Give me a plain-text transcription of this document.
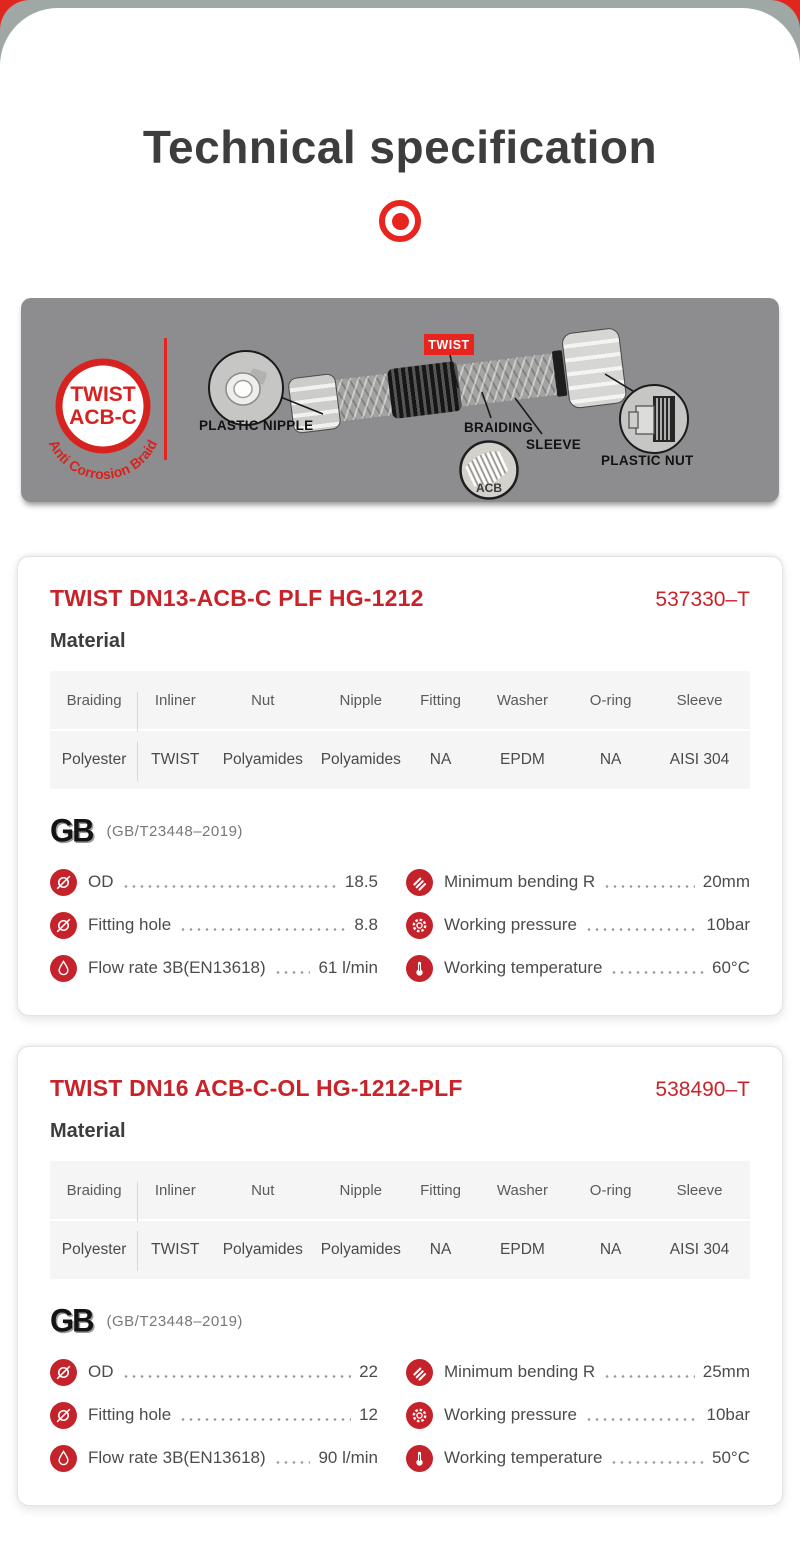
Technical specification
TWIST
ACB-C
Anti Corrosion Braid
TWIST
ACB
PLASTIC NIPPLE	BRAIDING
SLEEVE
PLASTIC NUT
TWIST DN13-ACB-C PLF HG-1212	537330–T
Material
Braiding	Inliner	Nut	Nipple	Fitting	Washer	O-ring	Sleeve
Polyester	TWIST	Polyamides	Polyamides	NA	EPDM	NA	AISI 304
GB (GB/T23448–2019)
OD	18.5
Fitting hole	8.8
Flow rate 3B(EN13618)	61 l/min
Minimum bending R	20mm
Working pressure	10bar
Working temperature	60°C
TWIST DN16 ACB-C-OL HG-1212-PLF	538490–T
Material
Braiding	Inliner	Nut	Nipple	Fitting	Washer	O-ring	Sleeve
Polyester	TWIST	Polyamides	Polyamides	NA	EPDM	NA	AISI 304
GB (GB/T23448–2019)
OD	22
Fitting hole	12
Flow rate 3B(EN13618)	90 l/min
Minimum bending R	25mm
Working pressure	10bar
Working temperature	50°C
